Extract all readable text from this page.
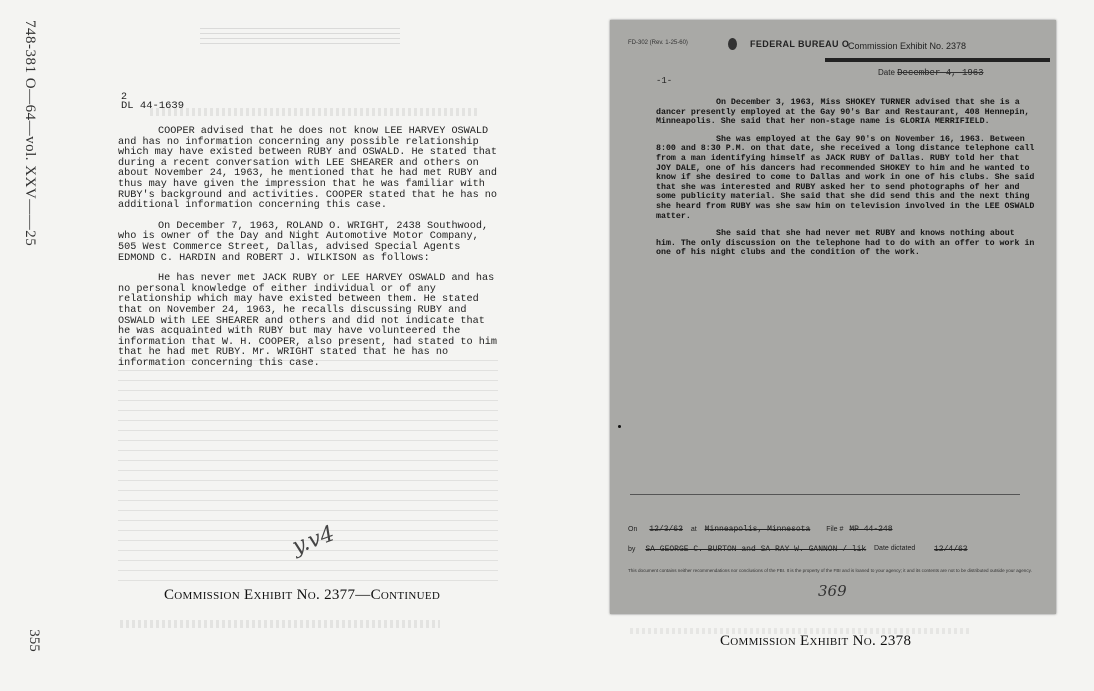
748-381 O—64—vol. XXV——25
355
2
DL 44-1639

COOPER advised that he does not know LEE HARVEY OSWALD and has no information concerning any possible relationship which may have existed between RUBY and OSWALD. He stated that during a recent conversation with LEE SHEARER and others on about November 24, 1963, he mentioned that he had met RUBY and thus may have given the impression that he was familiar with RUBY's background and activities. COOPER stated that he has no additional information concerning this case.

On December 7, 1963, ROLAND O. WRIGHT, 2438 Southwood, who is owner of the Day and Night Automotive Motor Company, 505 West Commerce Street, Dallas, advised Special Agents EDMOND C. HARDIN and ROBERT J. WILKISON as follows:

He has never met JACK RUBY or LEE HARVEY OSWALD and has no personal knowledge of either individual or of any relationship which may have existed between them. He stated that on November 24, 1963, he recalls discussing RUBY and OSWALD with LEE SHEARER and others and did not indicate that he was acquainted with RUBY but may have volunteered the information that W. H. COOPER, also present, had stated to him that he had met RUBY. Mr. WRIGHT stated that he has no information concerning this case.

y.v4
Commission Exhibit No. 2377—Continued
FD-302 (Rev. 1-25-60)	FEDERAL BUREAU O
Commission Exhibit No. 2378
Date December 4, 1963
-1-

On December 3, 1963, Miss SHOKEY TURNER advised that she is a dancer presently employed at the Gay 90's Bar and Restaurant, 408 Hennepin, Minneapolis. She said that her non-stage name is GLORIA MERRIFIELD.

She was employed at the Gay 90's on November 16, 1963. Between 8:00 and 8:30 P.M. on that date, she received a long distance telephone call from a man identifying himself as JACK RUBY of Dallas. RUBY told her that JOY DALE, one of his dancers had recommended SHOKEY to him and he wanted to know if she desired to come to Dallas and work in one of his clubs. She said that she was interested and RUBY asked her to send photographs of her and some publicity material. She said that she did send this and the next thing she heard from RUBY was she saw him on television involved in the LEE OSWALD matter.

She said that she had never met RUBY and knows nothing about him. The only discussion on the telephone had to do with an offer to work in one of his night clubs and the condition of the work.

On 12/3/63 at Minneapolis, Minnesota File # MP 44-248
by SA GEORGE C. BURTON and SA RAY W. GANNON / lik Date dictated 12/4/63
This document contains neither recommendations nor conclusions of the FBI. It is the property of the FBI and is loaned to your agency; it and its contents are not to be distributed outside your agency.
369
Commission Exhibit No. 2378
